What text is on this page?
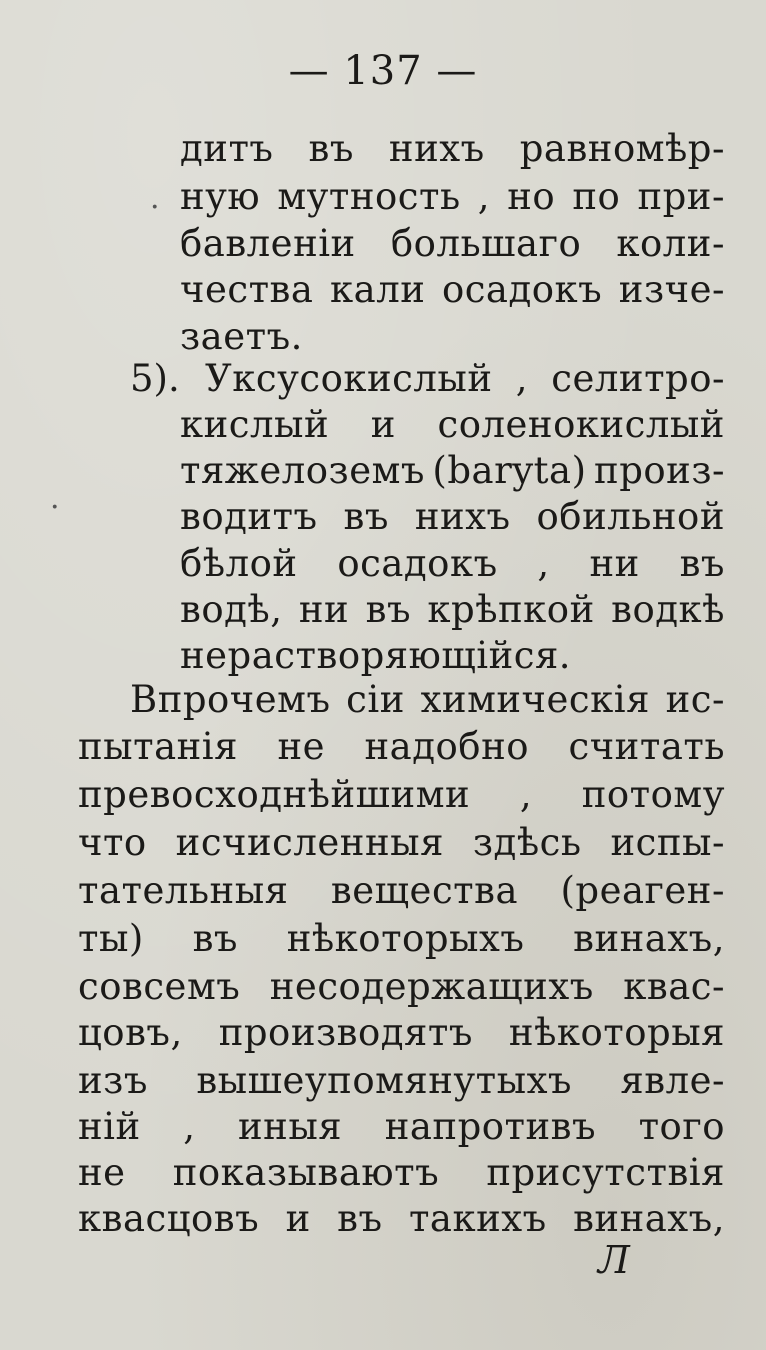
— 137 —
дитъ въ нихъ равномѣр-
ную мутность , но по при-
бавленіи большаго коли-
чества кали осадокъ изче-
заетъ.
5). Уксусокислый , селитро-
кислый и соленокислый
тяжелоземъ (baryta) произ-
водитъ въ нихъ обильной
бѣлой осадокъ , ни въ
водѣ, ни въ крѣпкой водкѣ
нерастворяющійся.
Впрочемъ сіи химическія ис-
пытанія не надобно считать
превосходнѣйшими , потому
что исчисленныя здѣсь испы-
тательныя вещества (реаген-
ты) въ нѣкоторыхъ винахъ,
совсемъ несодержащихъ квас-
цовъ, производятъ нѣкоторыя
изъ вышеупомянутыхъ явле-
ній , иныя напротивъ того
не показываютъ присутствія
квасцовъ и въ такихъ винахъ,
Л
·
·
